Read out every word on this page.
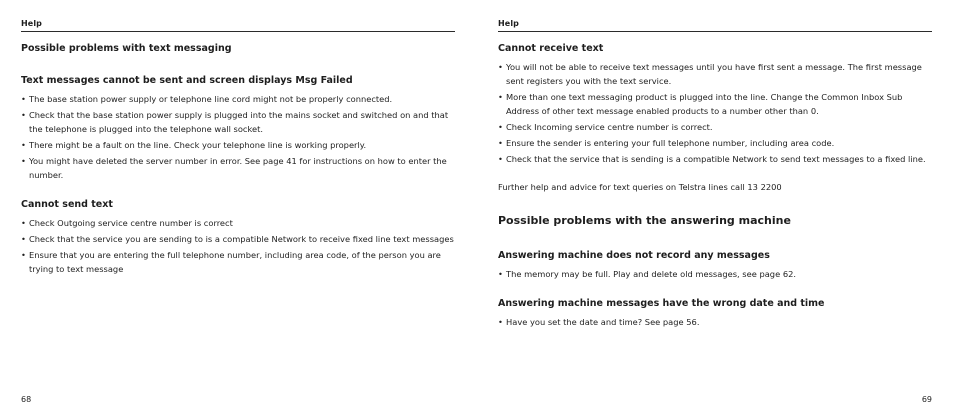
Help

Possible problems with text messaging

Text messages cannot be sent and screen displays Msg Failed

• The base station power supply or telephone line cord might not be properly connected.
• Check that the base station power supply is plugged into the mains socket and switched on and that the telephone is plugged into the telephone wall socket.
• There might be a fault on the line. Check your telephone line is working properly.
• You might have deleted the server number in error. See page 41 for instructions on how to enter the number.

Cannot send text

• Check Outgoing service centre number is correct
• Check that the service you are sending to is a compatible Network to receive fixed line text messages
• Ensure that you are entering the full telephone number, including area code, of the person you are trying to text message
68
Help

Cannot receive text

• You will not be able to receive text messages until you have first sent a message. The first message sent registers you with the text service.
• More than one text messaging product is plugged into the line. Change the Common Inbox Sub Address of other text message enabled products to a number other than 0.
• Check Incoming service centre number is correct.
• Ensure the sender is entering your full telephone number, including area code.
• Check that the service that is sending is a compatible Network to send text messages to a fixed line.

Further help and advice for text queries on Telstra lines call 13 2200

Possible problems with the answering machine

Answering machine does not record any messages

• The memory may be full. Play and delete old messages, see page 62.

Answering machine messages have the wrong date and time

• Have you set the date and time? See page 56.
69
